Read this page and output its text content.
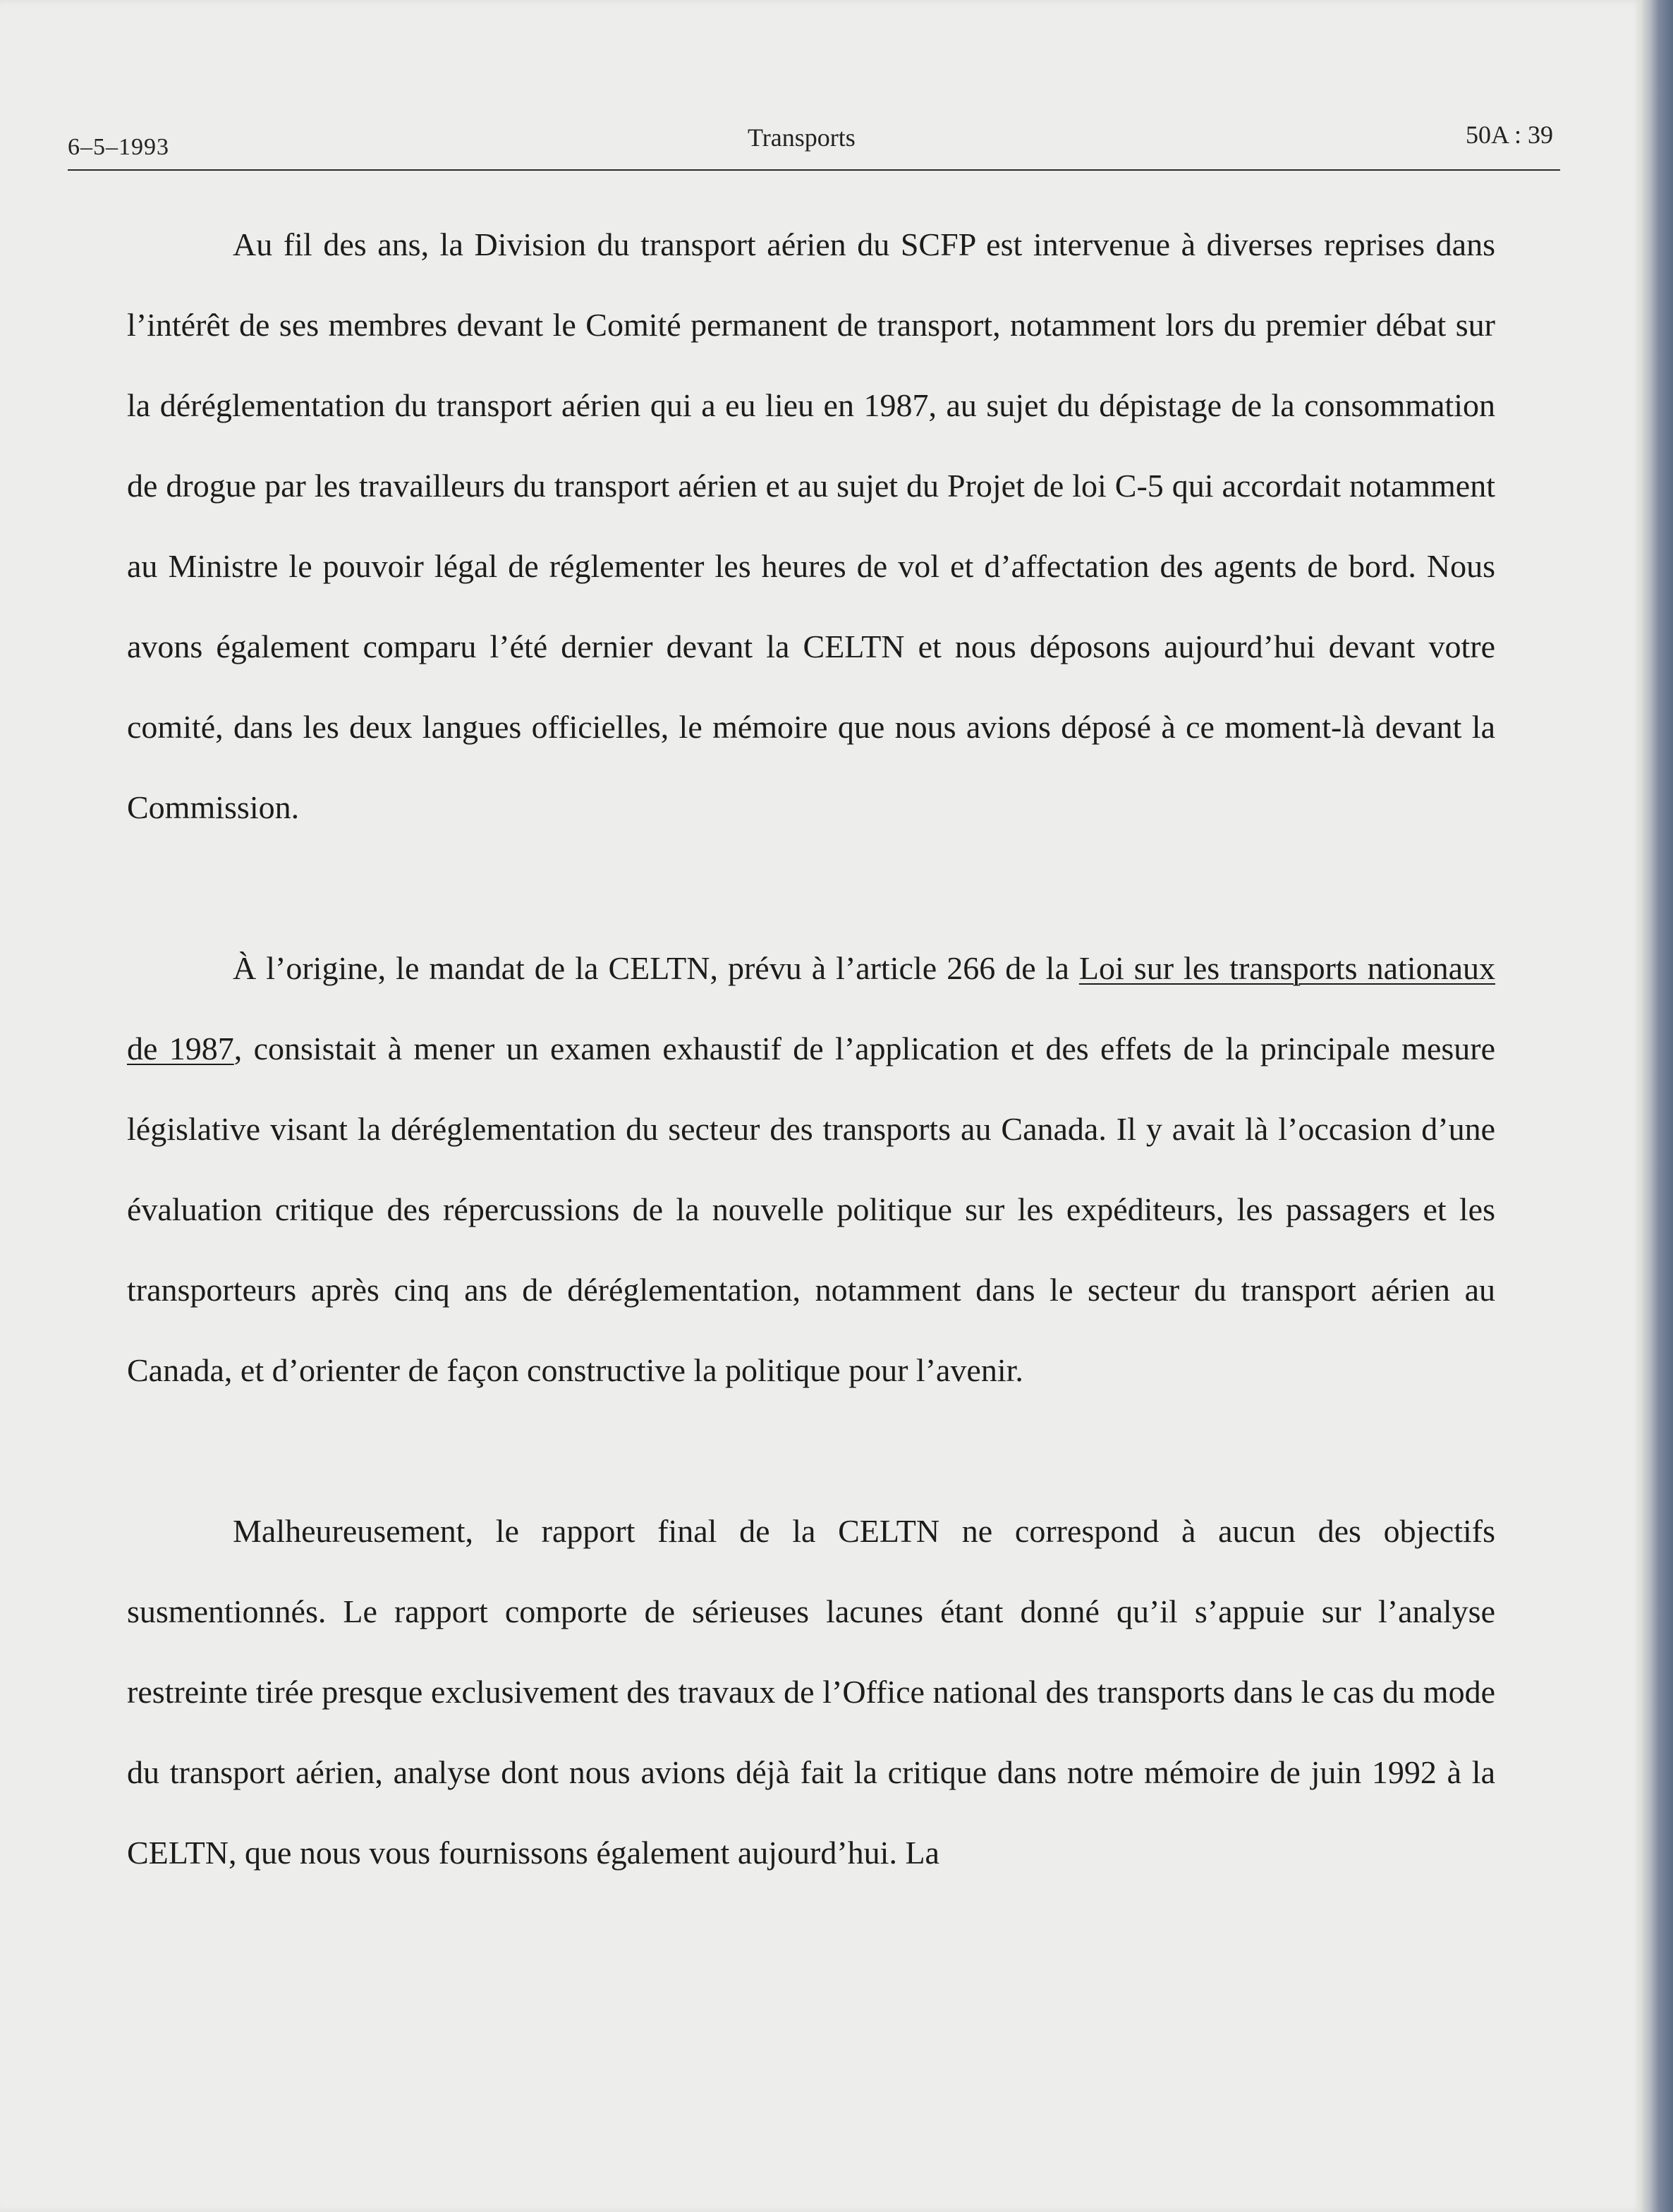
6–5–1993	Transports	50A : 39

Au fil des ans, la Division du transport aérien du SCFP est intervenue à diverses reprises dans l’intérêt de ses membres devant le Comité permanent de transport, notamment lors du premier débat sur la déréglementation du transport aérien qui a eu lieu en 1987, au sujet du dépistage de la consommation de drogue par les travailleurs du transport aérien et au sujet du Projet de loi C-5 qui accordait notamment au Ministre le pouvoir légal de réglementer les heures de vol et d’affectation des agents de bord. Nous avons également comparu l’été dernier devant la CELTN et nous déposons aujourd’hui devant votre comité, dans les deux langues officielles, le mémoire que nous avions déposé à ce moment-là devant la Commission.

À l’origine, le mandat de la CELTN, prévu à l’article 266 de la Loi sur les transports nationaux de 1987, consistait à mener un examen exhaustif de l’application et des effets de la principale mesure législative visant la déréglementation du secteur des transports au Canada. Il y avait là l’occasion d’une évaluation critique des répercussions de la nouvelle politique sur les expéditeurs, les passagers et les transporteurs après cinq ans de déréglementation, notamment dans le secteur du transport aérien au Canada, et d’orienter de façon constructive la politique pour l’avenir.

Malheureusement, le rapport final de la CELTN ne correspond à aucun des objectifs susmentionnés. Le rapport comporte de sérieuses lacunes étant donné qu’il s’appuie sur l’analyse restreinte tirée presque exclusivement des travaux de l’Office national des transports dans le cas du mode du transport aérien, analyse dont nous avions déjà fait la critique dans notre mémoire de juin 1992 à la CELTN, que nous vous fournissons également aujourd’hui. La
